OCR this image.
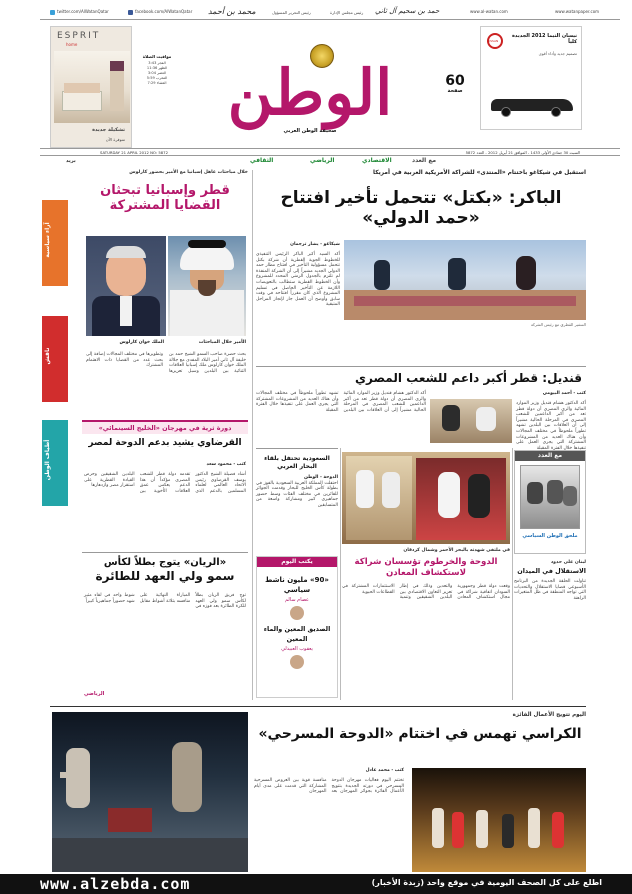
twitter.com/AlWatanQatar	facebook.com/AlWatanQatar محمد بن أحمد	رئيس التحرير المسؤول	رئيس مجلس الإدارة حمد بن سحيم آل ثاني	www.al-watan.com	www.watanpaper.com
ESPRIT
home
تشكيلة جديدة
متوفرة الآن
NISSAN
نيسان التيما 2012 الجديدة كلياً
تصميم جديد وأداء أقوى
مواقيت الصلاة
الفجر 3:43
الظهر 11:36
العصر 3:04
المغرب 5:59
العشاء 7:29 الوطن
صحيفة الوطن العربي
60
صفحة
SATURDAY 21 APRIL 2012 NO: 5872	السبت 30 جمادى الأولى 1433 - الموافق 21 أبريل 2012 - العدد 5872
بريد	الثقافي	الرياضي	الاقتصادي	مع العدد
آراء سياسية
ناقش
أطياف الوطن
خلال مباحثات عاهل إسبانيا مع الأمير بحضور كارلوس
قطر وإسبانيا تبحثان القضايا المشتركة
الأمير خلال المباحثات
الملك خوان كارلوس
بحث حضرة صاحب السمو الشيخ حمد بن خليفة آل ثاني أمير البلاد المفدى مع جلالة الملك خوان كارلوس ملك إسبانيا العلاقات الثنائية بين البلدين وسبل تعزيزها وتطويرها في مختلف المجالات إضافة إلى بحث عدد من القضايا ذات الاهتمام المشترك
دورة ثرية في مهرجان «الخليج السينمائي»
القرضاوي يشيد بدعم الدوحة لمصر
كتب - محمود سعد
أشاد فضيلة الشيخ الدكتور يوسف القرضاوي رئيس الاتحاد العالمي لعلماء المسلمين بالدعم الذي تقدمه دولة قطر للشعب المصري مؤكداً أن هذا الدعم يعكس عمق العلاقات الأخوية بين البلدين الشقيقين وحرص القيادة القطرية على استقرار مصر وازدهارها
«الريان» يتوج بطلاً لكأس
سمو ولي العهد للطائرة
توج فريق الريان بطلاً لكأس سمو ولي العهد للكرة الطائرة بعد فوزه في المباراة النهائية على منافسه بثلاثة أشواط مقابل شوط واحد في لقاء مثير شهد حضوراً جماهيرياً كبيراً
الرياضي
استقبل في شيكاغو باختتام «المنتدى» للشراكة الأمريكية العربية في أمريكا
الباكر: «بكتل» تتحمل تأخير افتتاح «حمد الدولي»
السفير القطري مع رئيس الشركة
شيكاغو - يشار ترجمان
أكد السيد أكبر الباكر الرئيس التنفيذي للخطوط الجوية القطرية أن شركة بكتل تتحمل مسؤولية التأخير في افتتاح مطار حمد الدولي الجديد مشيراً إلى أن الشركة المنفذة لم تلتزم بالجدول الزمني المحدد للمشروع وأن الخطوط القطرية ستطالب بالتعويضات اللازمة عن التأخير الحاصل في تسليم المشروع الذي كان مقرراً افتتاحه في وقت سابق وأوضح أن العمل جار لإنجاز المراحل المتبقية
قنديل: قطر أكبر داعم للشعب المصري
كتب - أحمد البيومي
أكد الدكتور هشام قنديل وزير الموارد المائية والري المصري أن دولة قطر تعد من أكبر الداعمين للشعب المصري في المرحلة الحالية مشيراً إلى أن العلاقات بين البلدين تشهد تطوراً ملحوظاً في مختلف المجالات وأن هناك العديد من المشروعات المشتركة التي يجري العمل على تنفيذها خلال الفترة المقبلة
أكد الدكتور هشام قنديل وزير الموارد المائية والري المصري أن دولة قطر تعد من أكبر الداعمين للشعب المصري في المرحلة الحالية مشيراً إلى أن العلاقات بين البلدين تشهد تطوراً ملحوظاً في مختلف المجالات وأن هناك العديد من المشروعات المشتركة التي يجري العمل على تنفيذها خلال الفترة المقبلة
السعودية تحتفل بلقاء البحار العربي
الدوحة - الوطن
احتفلت المملكة العربية السعودية بالفوز في بطولة كأس الخليج للبحار وقدمت الجوائز للفائزين في مختلف الفئات وسط حضور جماهيري كبير ومشاركة واسعة من المتسابقين
في ملتقى شهدته بالبحر الأحمر وشمال كردفان
الدوحة والخرطوم تؤسسان شراكة لاستكشاف المعادن
وقعت دولة قطر وجمهورية السودان اتفاقية شراكة في مجال استكشاف المعادن والتعدين وذلك في إطار تعزيز التعاون الاقتصادي بين البلدين الشقيقين وتنمية الاستثمارات المشتركة في القطاعات الحيوية
يكتب اليوم
«90» مليون ناشط سياسي
عصام سالم
الصديق المعين والماء المعين
يعقوب العبيدلي
مع العدد
ملحق الوطن السياسي
لبنان على حدود
الاستقلال في الميدان
تناولت الحلقة الجديدة من البرنامج الأسبوعي قضايا الاستقلال والتحديات التي تواجه المنطقة في ظل المتغيرات الراهنة
اليوم تتويج الأعمال الفائزة
الكراسي تهمس في اختتام «الدوحة المسرحي»
كتب - محمد عادل
تختتم اليوم فعاليات مهرجان الدوحة المسرحي في دورته الجديدة بتتويج الأعمال الفائزة بجوائز المهرجان بعد منافسة قوية بين العروض المسرحية المشاركة التي قدمت على مدى أيام المهرجان
www.alzebda.com	اطلع على كل الصحف اليومية في موقع واحد (زبدة الأخبار)
